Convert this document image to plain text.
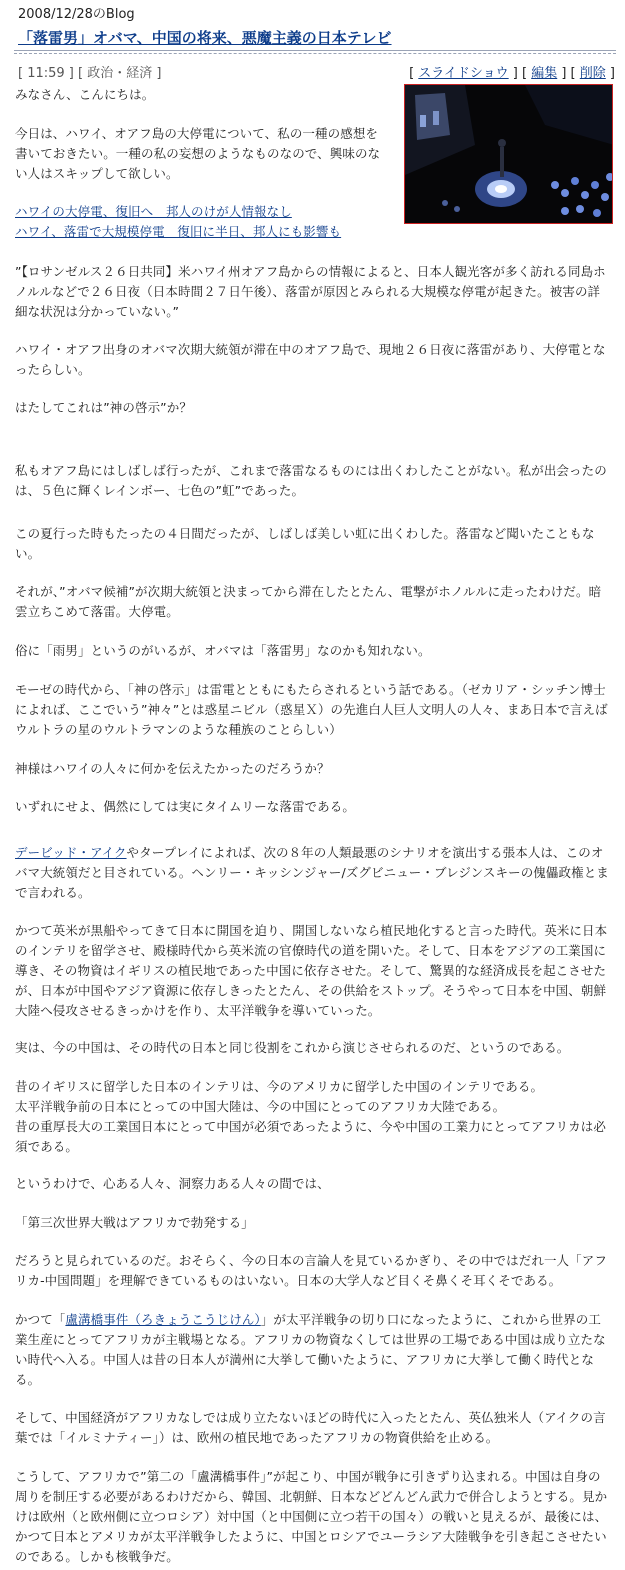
2008/12/28のBlog
「落雷男」オバマ、中国の将来、悪魔主義の日本テレビ
[ 11:59 ] [ 政治・経済 ]	[ スライドショウ ] [ 編集 ] [ 削除 ]

みなさん、こんにちは。

今日は、ハワイ、オアフ島の大停電について、私の一種の感想を書いておきたい。一種の私の妄想のようなものなので、興味のない人はスキップして欲しい。

ハワイの大停電、復旧へ　邦人のけが人情報なし
ハワイ、落雷で大規模停電　復旧に半日、邦人にも影響も

”【ロサンゼルス２６日共同】米ハワイ州オアフ島からの情報によると、日本人観光客が多く訪れる同島ホノルルなどで２６日夜（日本時間２７日午後）、落雷が原因とみられる大規模な停電が起きた。被害の詳細な状況は分かっていない。”

ハワイ・オアフ出身のオバマ次期大統領が滞在中のオアフ島で、現地２６日夜に落雷があり、大停電となったらしい。

はたしてこれは”神の啓示”か？

私もオアフ島にはしばしば行ったが、これまで落雷なるものには出くわしたことがない。私が出会ったのは、５色に輝くレインボー、七色の”虹”であった。

この夏行った時もたったの４日間だったが、しばしば美しい虹に出くわした。落雷など聞いたこともない。

それが、”オバマ候補”が次期大統領と決まってから滞在したとたん、電撃がホノルルに走ったわけだ。暗雲立ちこめて落雷。大停電。

俗に「雨男」というのがいるが、オバマは「落雷男」なのかも知れない。

モーゼの時代から、「神の啓示」は雷電とともにもたらされるという話である。（ゼカリア・シッチン博士によれば、ここでいう”神々”とは惑星ニビル（惑星Ｘ）の先進白人巨人文明人の人々、まあ日本で言えばウルトラの星のウルトラマンのような種族のことらしい）

神様はハワイの人々に何かを伝えたかったのだろうか？

いずれにせよ、偶然にしては実にタイムリーな落雷である。

デービッド・アイクやタープレイによれば、次の８年の人類最悪のシナリオを演出する張本人は、このオバマ大統領だと目されている。ヘンリー・キッシンジャー/ズグビニュー・ブレジンスキーの傀儡政権とまで言われる。

かつて英米が黒船やってきて日本に開国を迫り、開国しないなら植民地化すると言った時代。英米に日本のインテリを留学させ、殿様時代から英米流の官僚時代の道を開いた。そして、日本をアジアの工業国に導き、その物資はイギリスの植民地であった中国に依存させた。そして、驚異的な経済成長を起こさせたが、日本が中国やアジア資源に依存しきったとたん、その供給をストップ。そうやって日本を中国、朝鮮大陸へ侵攻させるきっかけを作り、太平洋戦争を導いていった。

実は、今の中国は、その時代の日本と同じ役割をこれから演じさせられるのだ、というのである。

昔のイギリスに留学した日本のインテリは、今のアメリカに留学した中国のインテリである。
太平洋戦争前の日本にとっての中国大陸は、今の中国にとってのアフリカ大陸である。
昔の重厚長大の工業国日本にとって中国が必須であったように、今や中国の工業力にとってアフリカは必須である。

というわけで、心ある人々、洞察力ある人々の間では、

「第三次世界大戦はアフリカで勃発する」

だろうと見られているのだ。おそらく、今の日本の言論人を見ているかぎり、その中ではだれ一人「アフリカ-中国問題」を理解できているものはいない。日本の大学人など目くそ鼻くそ耳くそである。

かつて「盧溝橋事件（ろきょうこうじけん）」が太平洋戦争の切り口になったように、これから世界の工業生産にとってアフリカが主戦場となる。アフリカの物資なくしては世界の工場である中国は成り立たない時代へ入る。中国人は昔の日本人が満州に大挙して働いたように、アフリカに大挙して働く時代となる。

そして、中国経済がアフリカなしでは成り立たないほどの時代に入ったとたん、英仏独米人（アイクの言葉では「イルミナティー」）は、欧州の植民地であったアフリカの物資供給を止める。

こうして、アフリカで”第二の「盧溝橋事件」”が起こり、中国が戦争に引きずり込まれる。中国は自身の周りを制圧する必要があるわけだから、韓国、北朝鮮、日本などどんどん武力で併合しようとする。見かけは欧州（と欧州側に立つロシア）対中国（と中国側に立つ若干の国々）の戦いと見えるが、最後には、かつて日本とアメリカが太平洋戦争したように、中国とロシアでユーラシア大陸戦争を引き起こさせたいのである。しかも核戦争だ。
